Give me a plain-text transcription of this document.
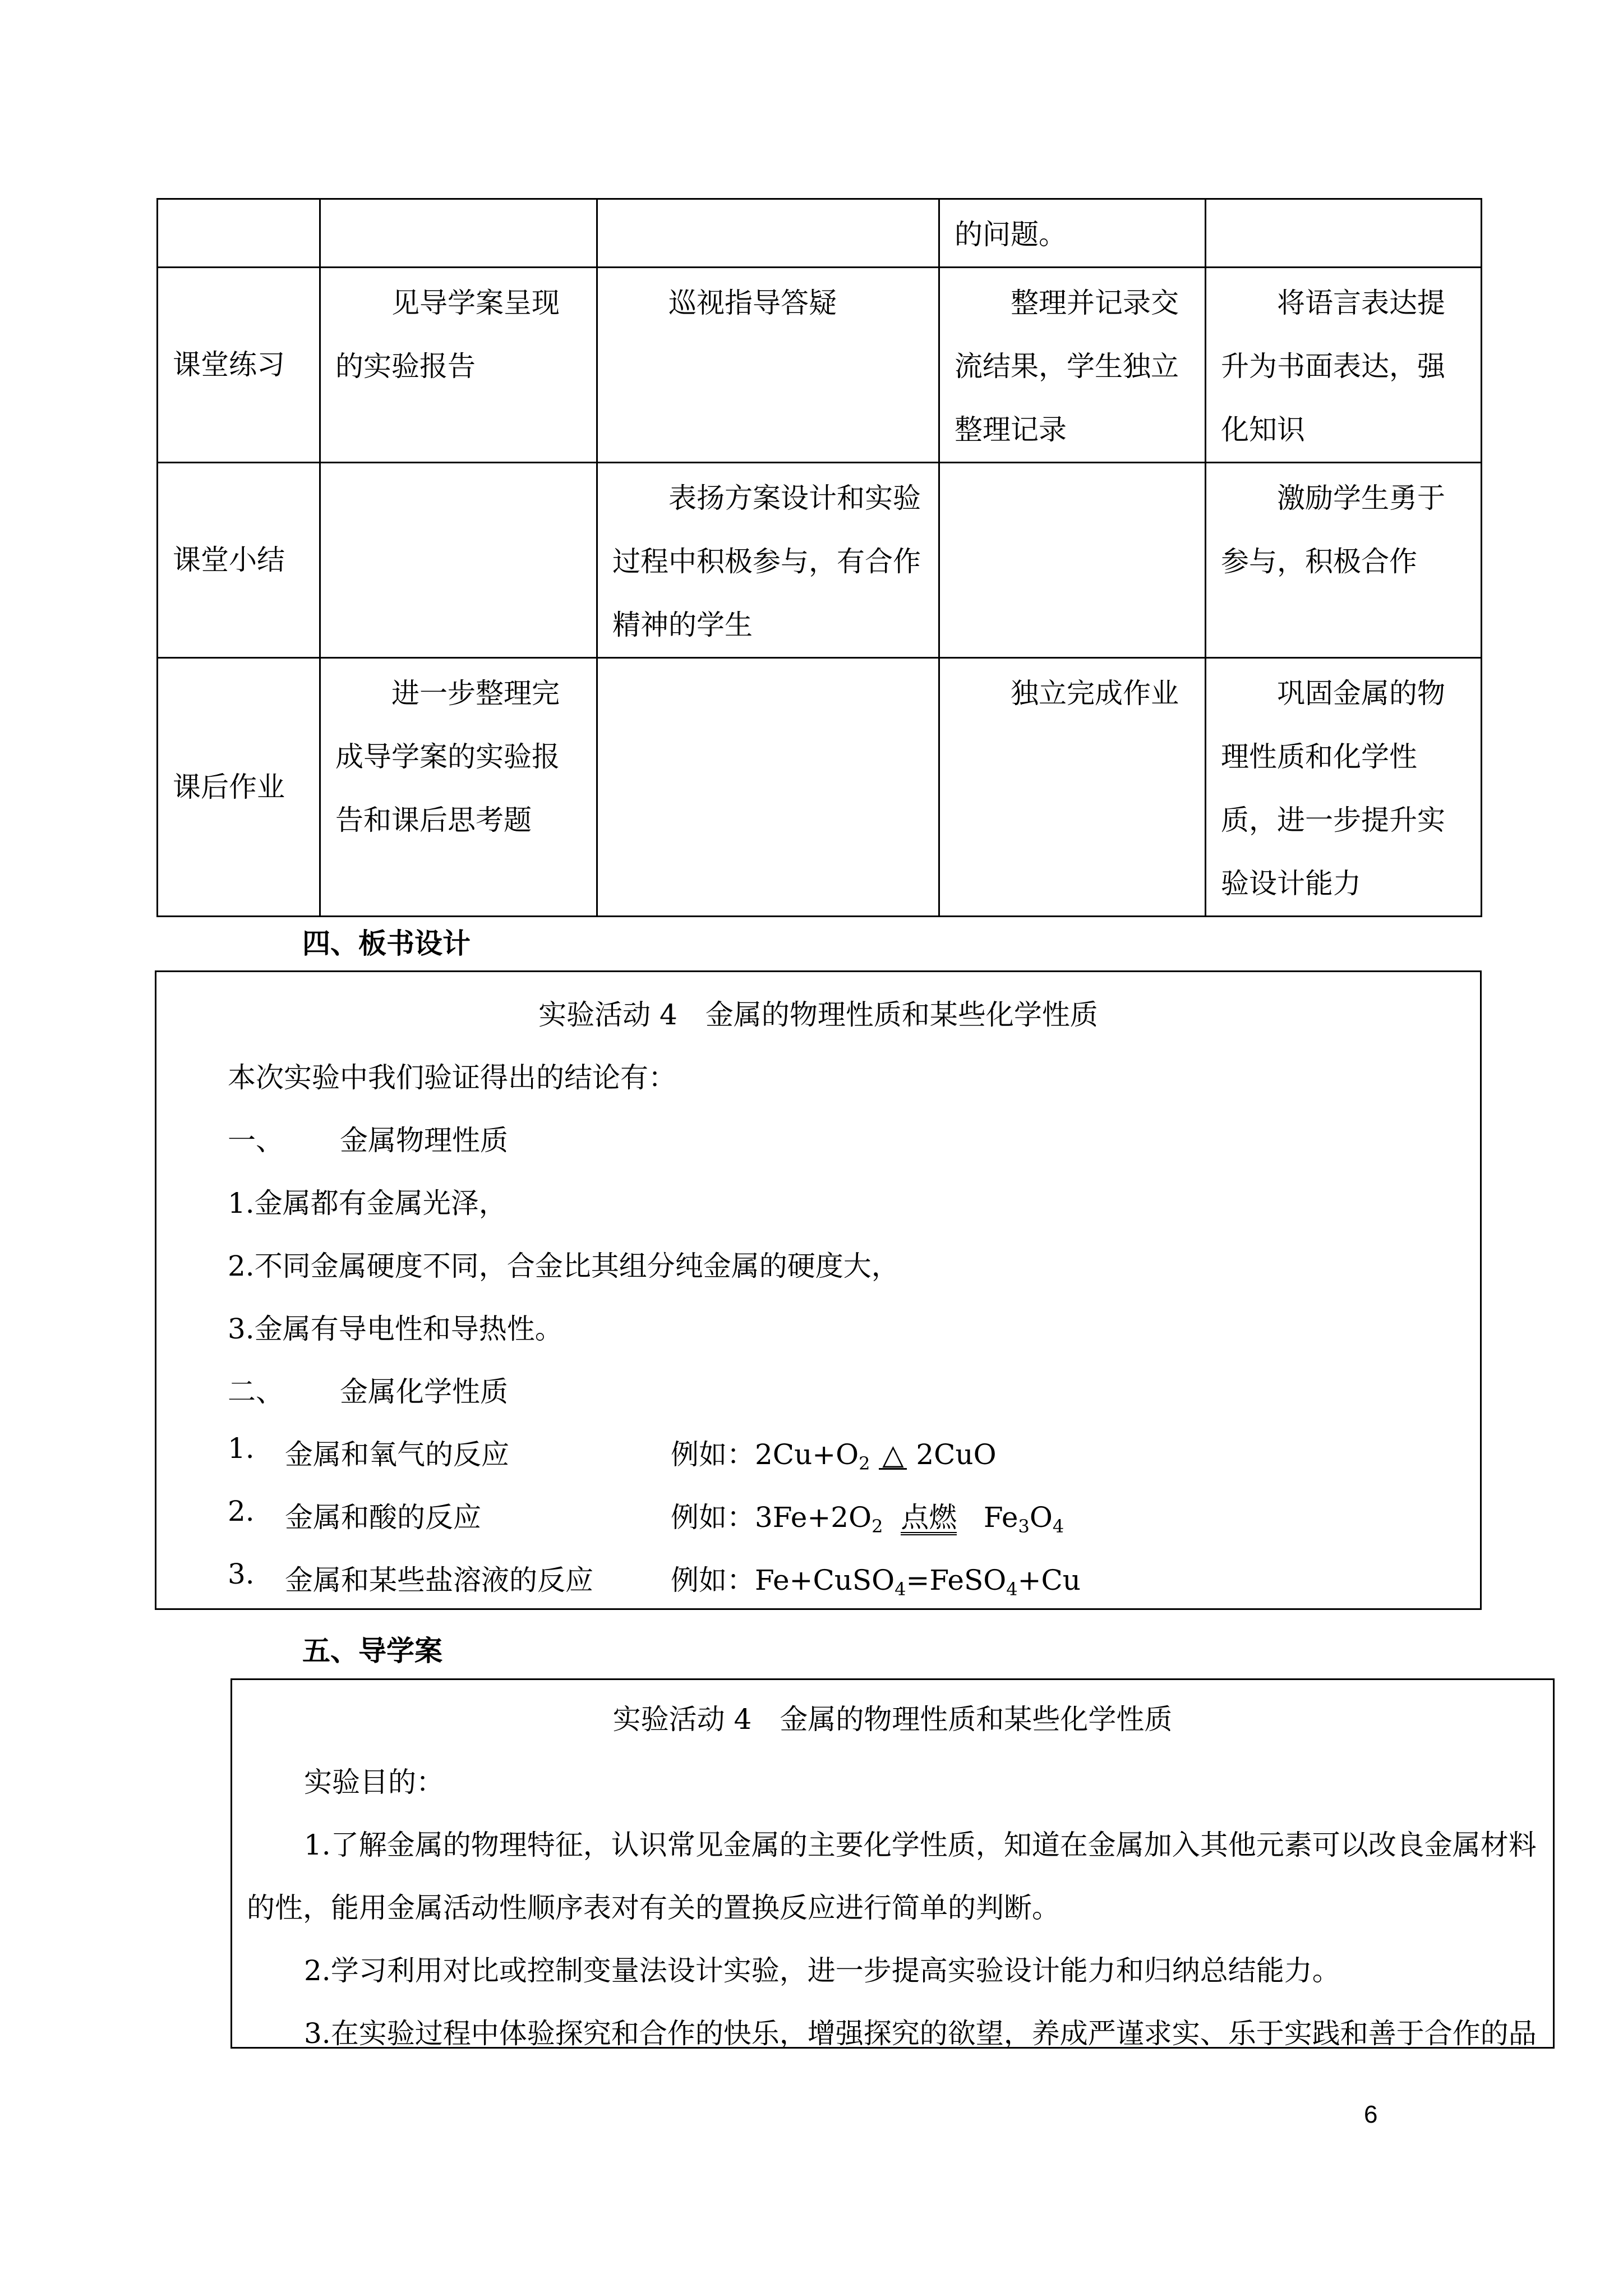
			的问题。	
课堂练习	见导学案呈现的实验报告	巡视指导答疑	整理并记录交流结果，学生独立整理记录	将语言表达提升为书面表达，强化知识
课堂小结		表扬方案设计和实验过程中积极参与，有合作精神的学生		激励学生勇于参与，积极合作
课后作业	进一步整理完成导学案的实验报告和课后思考题		独立完成作业	巩固金属的物理性质和化学性质，进一步提升实验设计能力
四、板书设计
实验活动 4　金属的物理性质和某些化学性质
本次实验中我们验证得出的结论有：
一、 金属物理性质
1.金属都有金属光泽，
2.不同金属硬度不同，合金比其组分纯金属的硬度大，
3.金属有导电性和导热性。
二、 金属化学性质
1. 金属和氧气的反应	例如：$2Cu+O_2$ △ 2CuO
2. 金属和酸的反应	例如：$3Fe+2O_2$ 点燃 $Fe_3O_4$
3. 金属和某些盐溶液的反应	例如：Fe+CuSO$_4$=FeSO$_4$+Cu
五、导学案
实验活动 4　金属的物理性质和某些化学性质
实验目的：
1.了解金属的物理特征，认识常见金属的主要化学性质，知道在金属加入其他元素可以改良金属材料
的性，能用金属活动性顺序表对有关的置换反应进行简单的判断。
2.学习利用对比或控制变量法设计实验，进一步提高实验设计能力和归纳总结能力。
3.在实验过程中体验探究和合作的快乐，增强探究的欲望，养成严谨求实、乐于实践和善于合作的品
6
